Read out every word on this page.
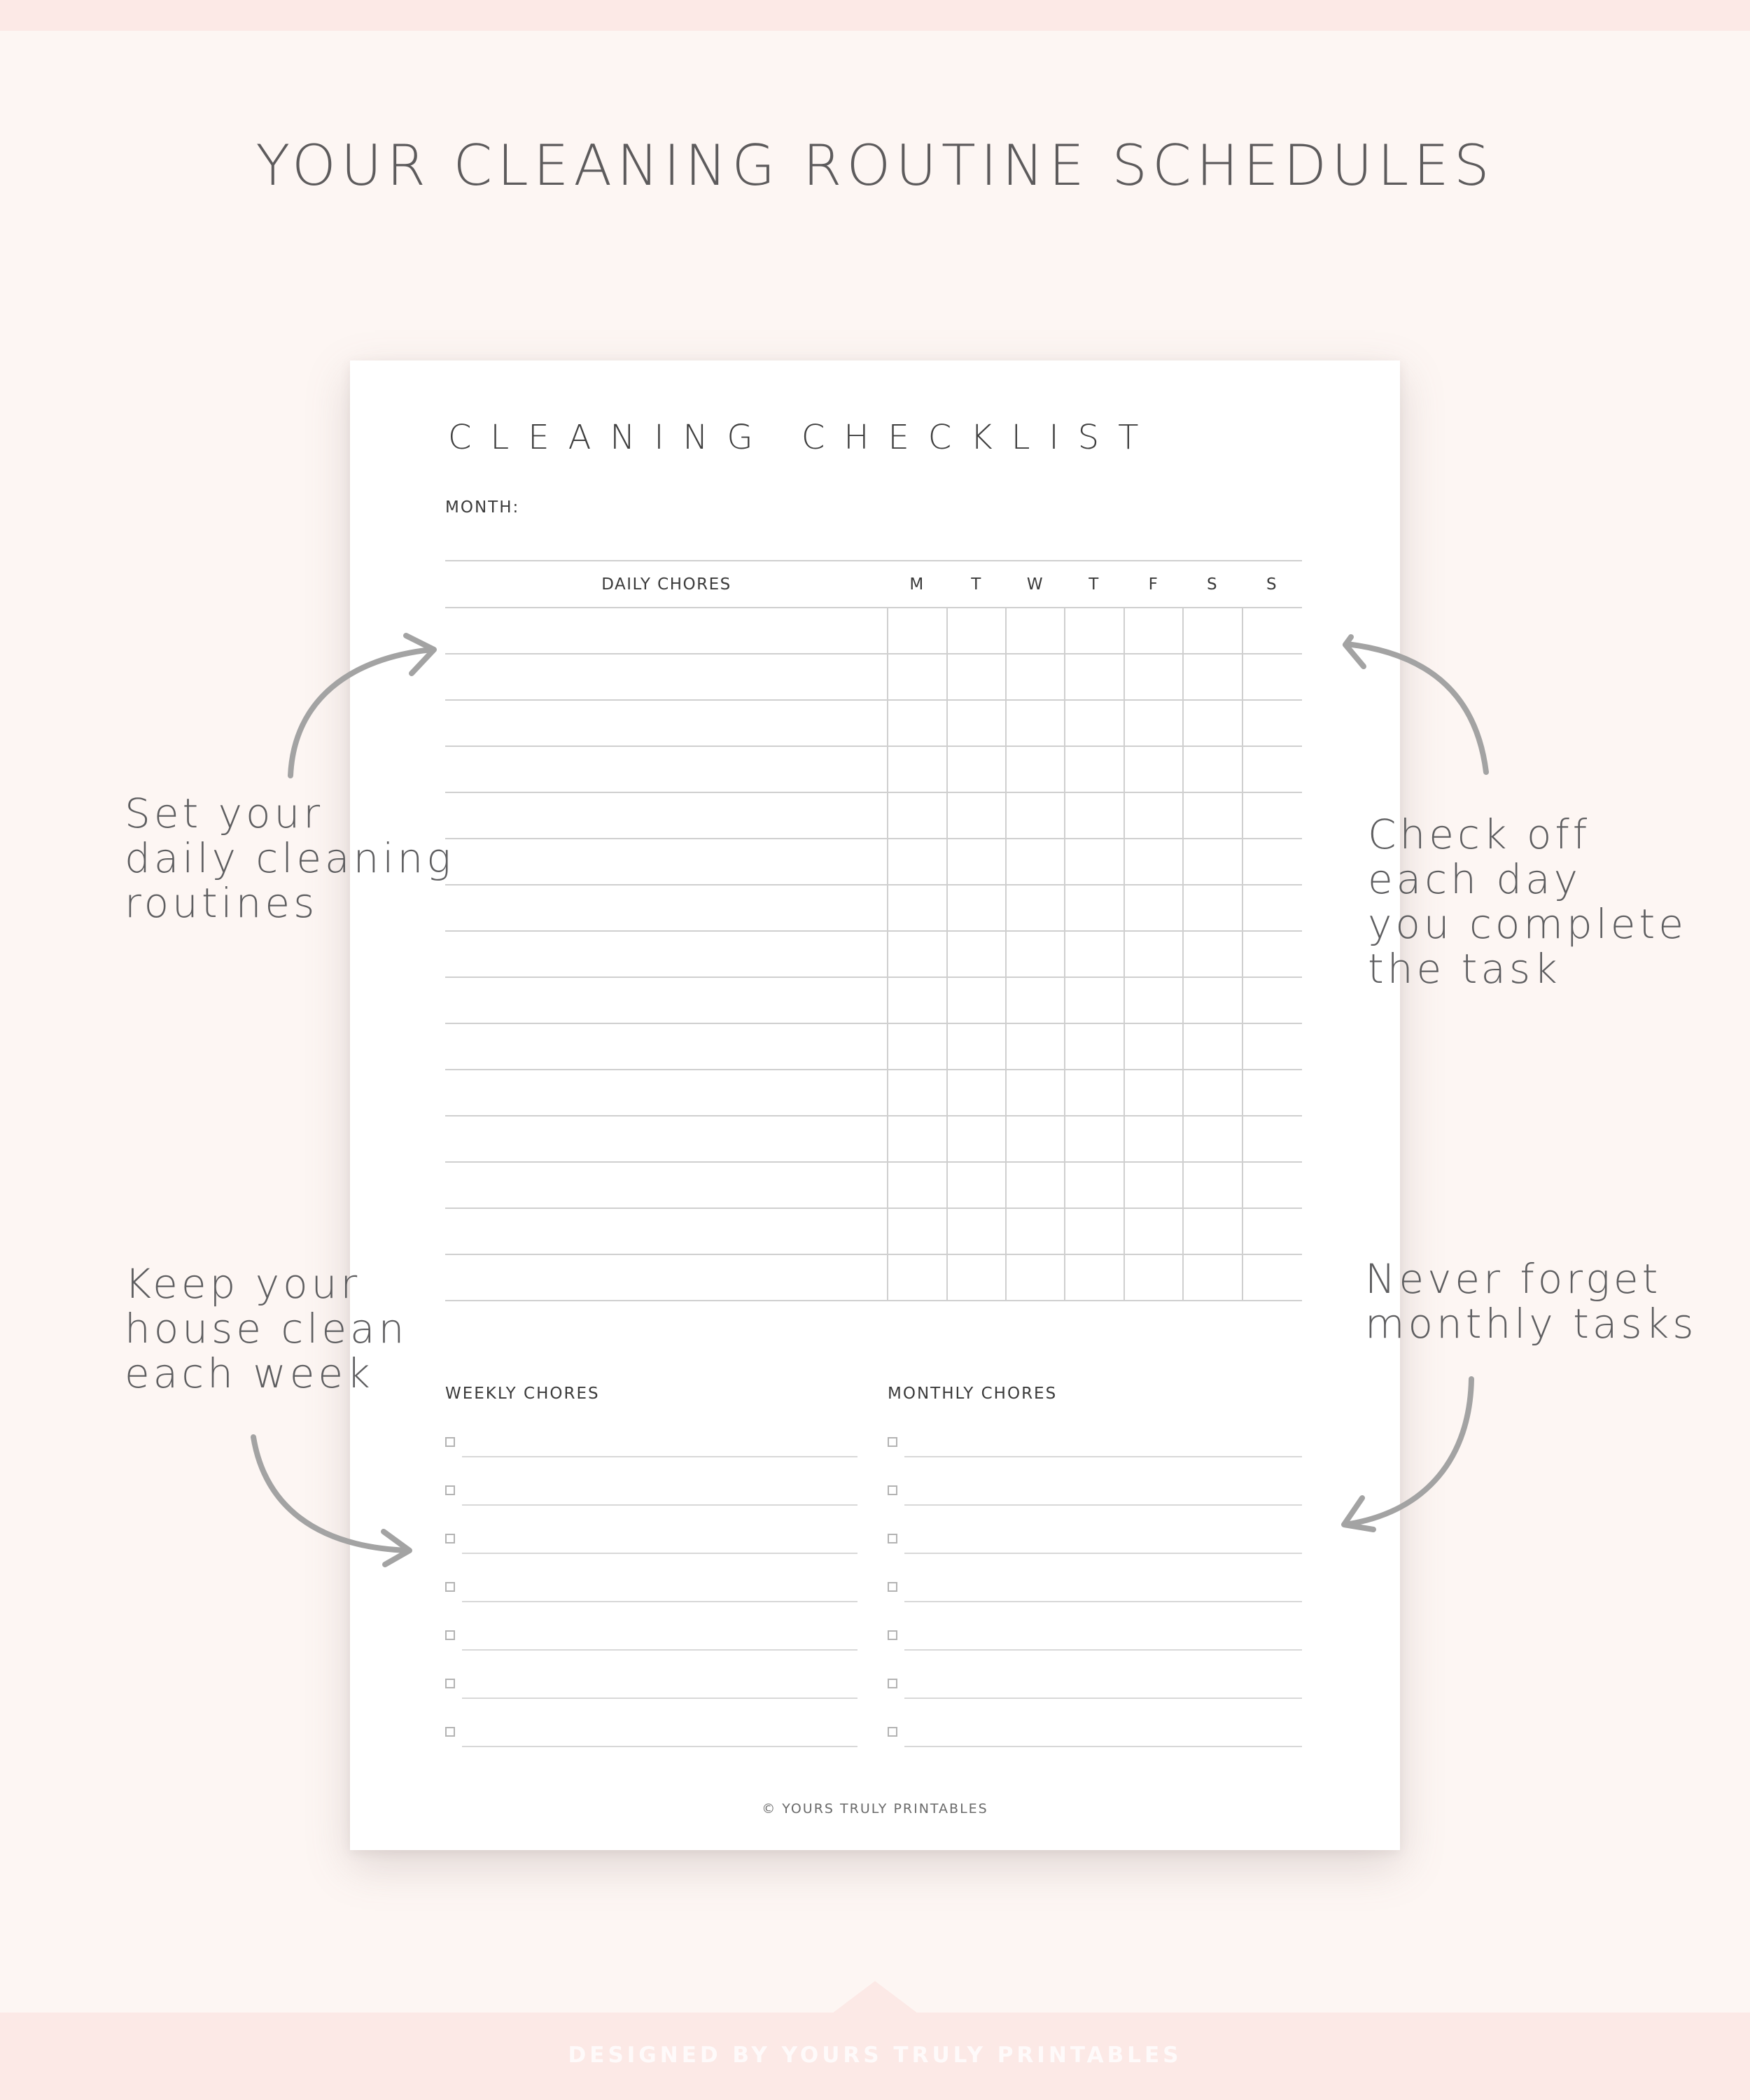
YOUR CLEANING ROUTINE SCHEDULES
CLEANING CHECKLIST
MONTH:
DAILY CHORES	M	T	W	T	F	S	S
WEEKLY CHORES	MONTHLY CHORES
© YOURS TRULY PRINTABLES
Set your
daily cleaning
routines
Check off
each day
you complete
the task
Keep your
house clean
each week
Never forget
monthly tasks
DESIGNED BY YOURS TRULY PRINTABLES
